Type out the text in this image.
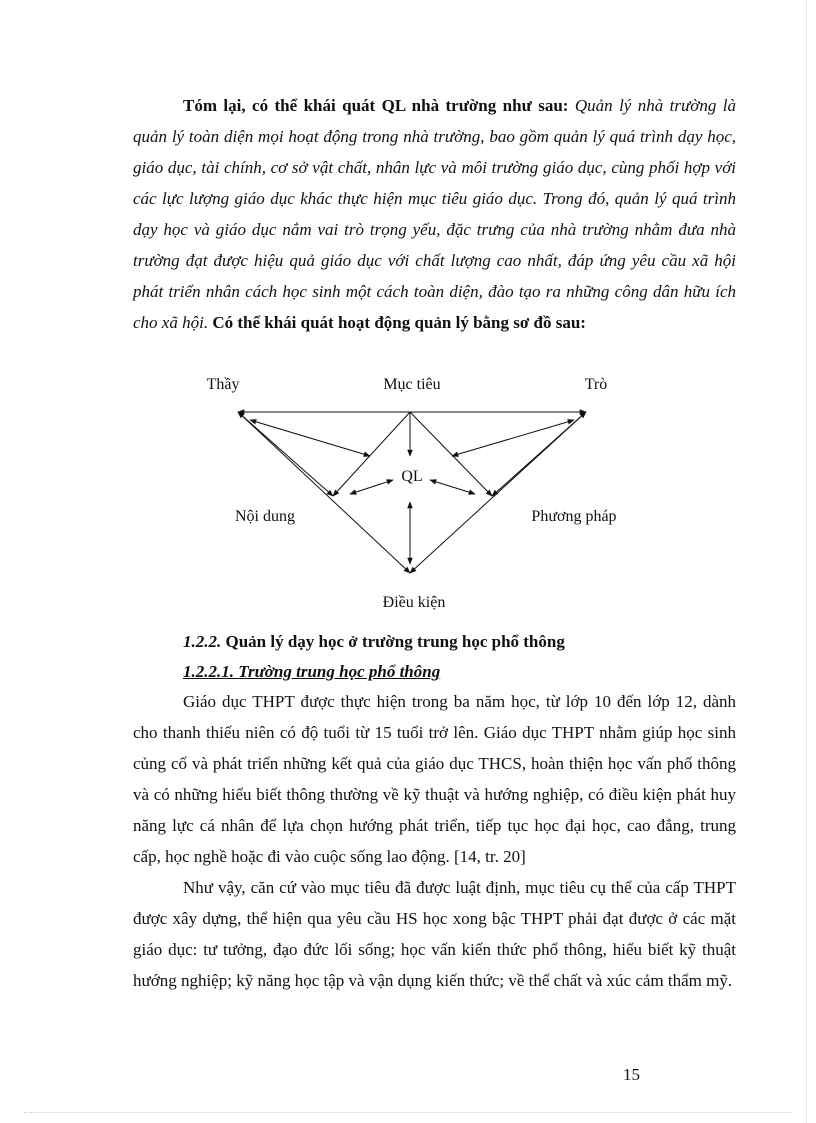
Tóm lại, có thể khái quát QL nhà trường như sau: Quản lý nhà trường là quản lý toàn diện mọi hoạt động trong nhà trường, bao gồm quản lý quá trình dạy học, giáo dục, tài chính, cơ sở vật chất, nhân lực và môi trường giáo dục, cùng phối hợp với các lực lượng giáo dục khác thực hiện mục tiêu giáo dục. Trong đó, quản lý quá trình dạy học và giáo dục nắm vai trò trọng yếu, đặc trưng của nhà trường nhằm đưa nhà trường đạt được hiệu quả giáo dục với chất lượng cao nhất, đáp ứng yêu cầu xã hội phát triển nhân cách học sinh một cách toàn diện, đào tạo ra những công dân hữu ích cho xã hội. Có thể khái quát hoạt động quản lý bằng sơ đồ sau:

Thầy	Mục tiêu	Trò
QL
Nội dung	Phương pháp
Điều kiện
1.2.2. Quản lý dạy học ở trường trung học phổ thông
1.2.2.1. Trường trung học phổ thông

Giáo dục THPT được thực hiện trong ba năm học, từ lớp 10 đến lớp 12, dành cho thanh thiếu niên có độ tuổi từ 15 tuổi trở lên. Giáo dục THPT nhằm giúp học sinh củng cố và phát triển những kết quả của giáo dục THCS, hoàn thiện học vấn phổ thông và có những hiểu biết thông thường về kỹ thuật và hướng nghiệp, có điều kiện phát huy năng lực cá nhân để lựa chọn hướng phát triển, tiếp tục học đại học, cao đẳng, trung cấp, học nghề hoặc đi vào cuộc sống lao động. [14, tr. 20]

Như vậy, căn cứ vào mục tiêu đã được luật định, mục tiêu cụ thể của cấp THPT được xây dựng, thể hiện qua yêu cầu HS học xong bậc THPT phải đạt được ở các mặt giáo dục: tư tưởng, đạo đức lối sống; học vấn kiến thức phổ thông, hiểu biết kỹ thuật hướng nghiệp; kỹ năng học tập và vận dụng kiến thức; về thể chất và xúc cảm thẩm mỹ.

15
